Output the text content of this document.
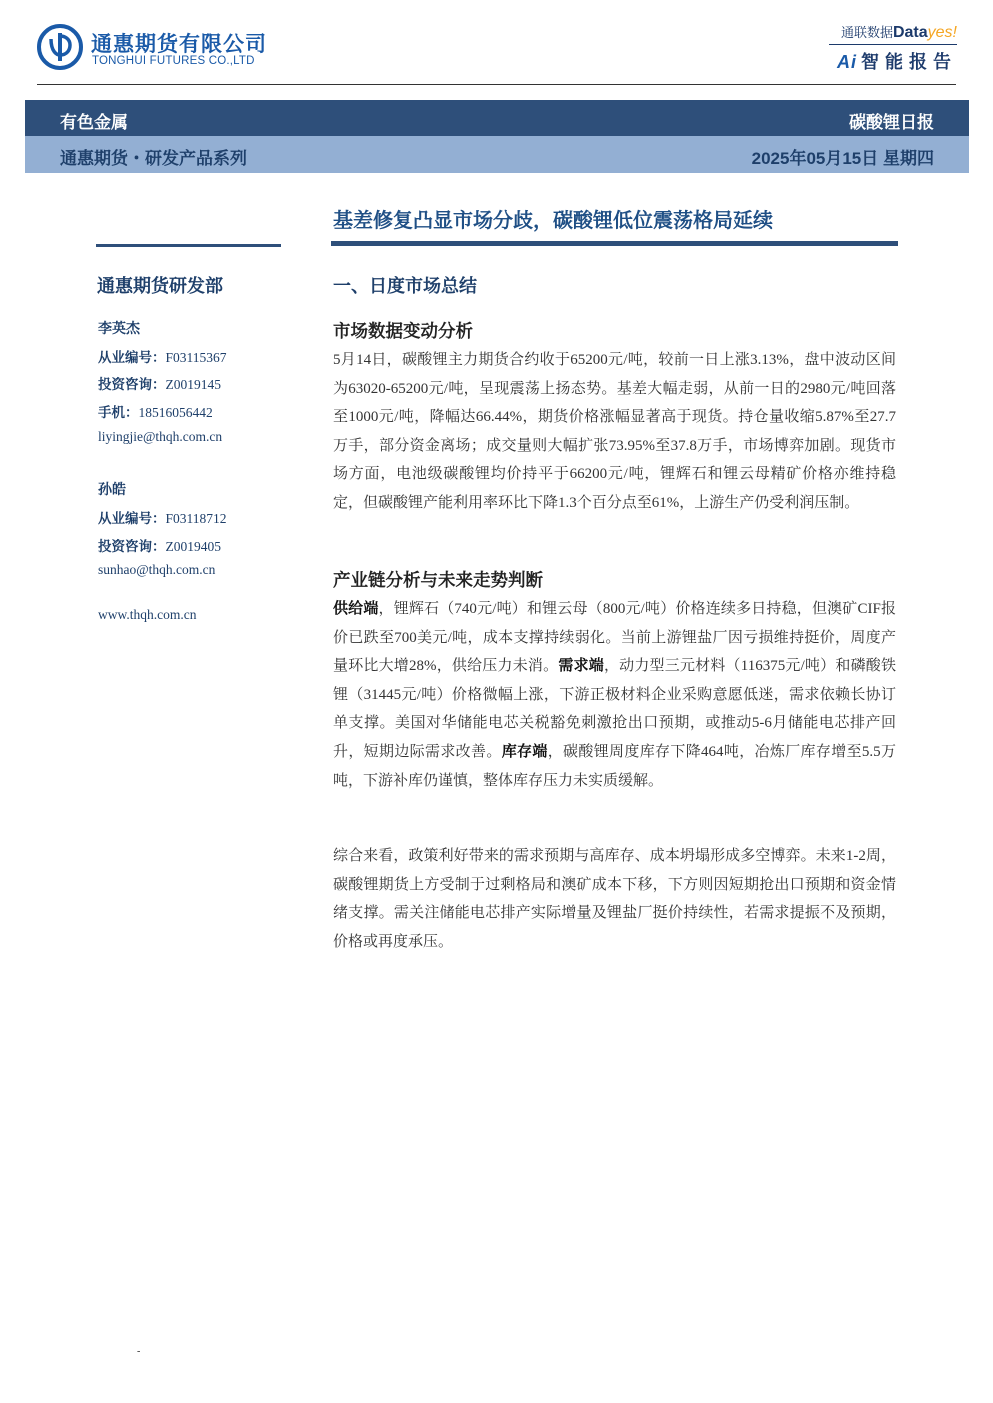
通惠期货有限公司
TONGHUI FUTURES CO.,LTD
通联数据Datayes!
Ai 智能报告
有色金属	碳酸锂日报
通惠期货・研发产品系列	2025年05月15日 星期四
基差修复凸显市场分歧，碳酸锂低位震荡格局延续
通惠期货研发部
李英杰
从业编号：F03115367
投资咨询：Z0019145
手机：18516056442
liyingjie@thqh.com.cn
孙皓
从业编号：F03118712
投资咨询：Z0019405
sunhao@thqh.com.cn
www.thqh.com.cn
一、日度市场总结
市场数据变动分析

5月14日，碳酸锂主力期货合约收于65200元/吨，较前一日上涨3.13%，盘中波动区间为63020-65200元/吨，呈现震荡上扬态势。基差大幅走弱，从前一日的2980元/吨回落至1000元/吨，降幅达66.44%，期货价格涨幅显著高于现货。持仓量收缩5.87%至27.7万手，部分资金离场；成交量则大幅扩张73.95%至37.8万手，市场博弈加剧。现货市场方面，电池级碳酸锂均价持平于66200元/吨，锂辉石和锂云母精矿价格亦维持稳定，但碳酸锂产能利用率环比下降1.3个百分点至61%，上游生产仍受利润压制。

产业链分析与未来走势判断

供给端，锂辉石（740元/吨）和锂云母（800元/吨）价格连续多日持稳，但澳矿CIF报价已跌至700美元/吨，成本支撑持续弱化。当前上游锂盐厂因亏损维持挺价，周度产量环比大增28%，供给压力未消。需求端，动力型三元材料（116375元/吨）和磷酸铁锂（31445元/吨）价格微幅上涨，下游正极材料企业采购意愿低迷，需求依赖长协订单支撑。美国对华储能电芯关税豁免刺激抢出口预期，或推动5-6月储能电芯排产回升，短期边际需求改善。库存端，碳酸锂周度库存下降464吨，冶炼厂库存增至5.5万吨，下游补库仍谨慎，整体库存压力未实质缓解。

综合来看，政策利好带来的需求预期与高库存、成本坍塌形成多空博弈。未来1-2周，碳酸锂期货上方受制于过剩格局和澳矿成本下移，下方则因短期抢出口预期和资金情绪支撑。需关注储能电芯排产实际增量及锂盐厂挺价持续性，若需求提振不及预期，价格或再度承压。

-
